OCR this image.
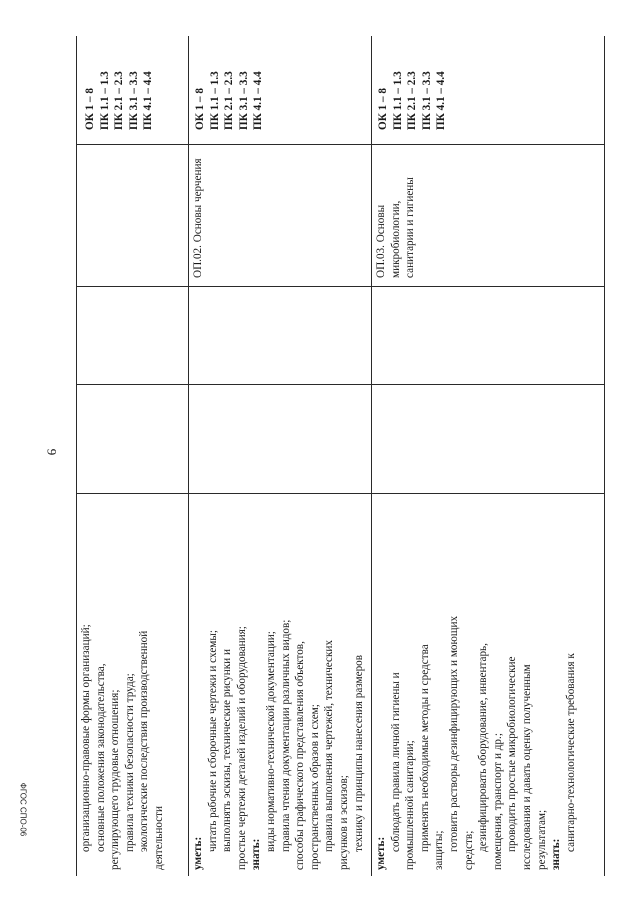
9
ФГОС СПО-06

ОК 1 – 8 ПК 1.1 – 1.3 ПК 2.1 – 2.3 ПК 3.1 – 3.3 ПК 4.1 – 4.4

организационно-правовые формы организаций; основные положения законодательства, регулирующего трудовые отношения; правила техники безопасности труда; экологические последствия производственной деятельности

ОК 1 – 8 ПК 1.1 – 1.3 ПК 2.1 – 2.3 ПК 3.1 – 3.3 ПК 4.1 – 4.4

ОП.02. Основы черчения

уметь:

читать рабочие и сборочные чертежи и схемы; выполнять эскизы, технические рисунки и простые чертежи деталей изделий и оборудования; знать:

виды нормативно-технической документации; правила чтения документации различных видов; способы графического представления объектов, пространственных образов и схем; правила выполнения чертежей, технических рисунков и эскизов; технику и принципы нанесения размеров

ОК 1 – 8 ПК 1.1 – 1.3 ПК 2.1 – 2.3 ПК 3.1 – 3.3 ПК 4.1 – 4.4

ОП.03. Основы микробиологии, санитарии и гигиены

уметь:

соблюдать правила личной гигиены и промышленной санитарии; применять необходимые методы и средства защиты; готовить растворы дезинфицирующих и моющих средств; дезинфицировать оборудование, инвентарь, помещения, транспорт и др.; проводить простые микробиологические исследования и давать оценку полученным результатам; знать:

санитарно-технологические требования к
